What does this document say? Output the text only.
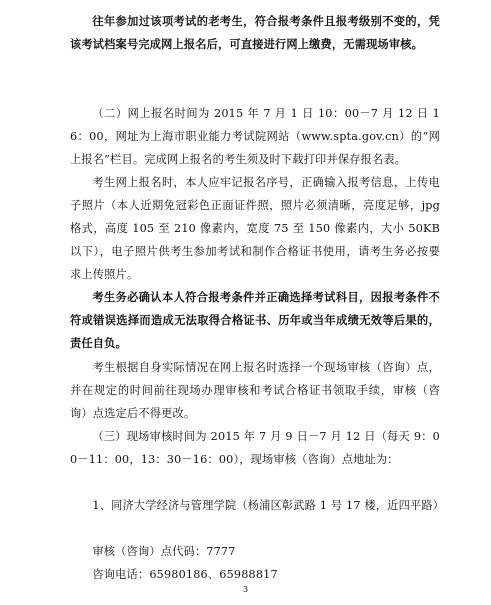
往年参加过该项考试的老考生，符合报考条件且报考级别不变的，凭该考试档案号完成网上报名后，可直接进行网上缴费，无需现场审核。

（二）网上报名时间为 2015 年 7 月 1 日 10：00－7 月 12 日 16：00，网址为上海市职业能力考试院网站（www.spta.gov.cn）的“网上报名”栏目。完成网上报名的考生须及时下载打印并保存报名表。

考生网上报名时，本人应牢记报名序号，正确输入报考信息，上传电子照片（本人近期免冠彩色正面证件照，照片必须清晰，亮度足够，jpg 格式，高度 105 至 210 像素内，宽度 75 至 150 像素内，大小 50KB 以下），电子照片供考生参加考试和制作合格证书使用，请考生务必按要求上传照片。

考生务必确认本人符合报考条件并正确选择考试科目，因报考条件不符或错误选择而造成无法取得合格证书、历年或当年成绩无效等后果的，责任自负。

考生根据自身实际情况在网上报名时选择一个现场审核（咨询）点，并在规定的时间前往现场办理审核和考试合格证书领取手续，审核（咨询）点选定后不得更改。

（三）现场审核时间为 2015 年 7 月 9 日－7 月 12 日（每天 9：00－11：00，13：30－16：00），现场审核（咨询）点地址为：

1、同济大学经济与管理学院（杨浦区彰武路 1 号 17 楼，近四平路）

审核（咨询）点代码：7777

咨询电话：65980186、65988817

3
